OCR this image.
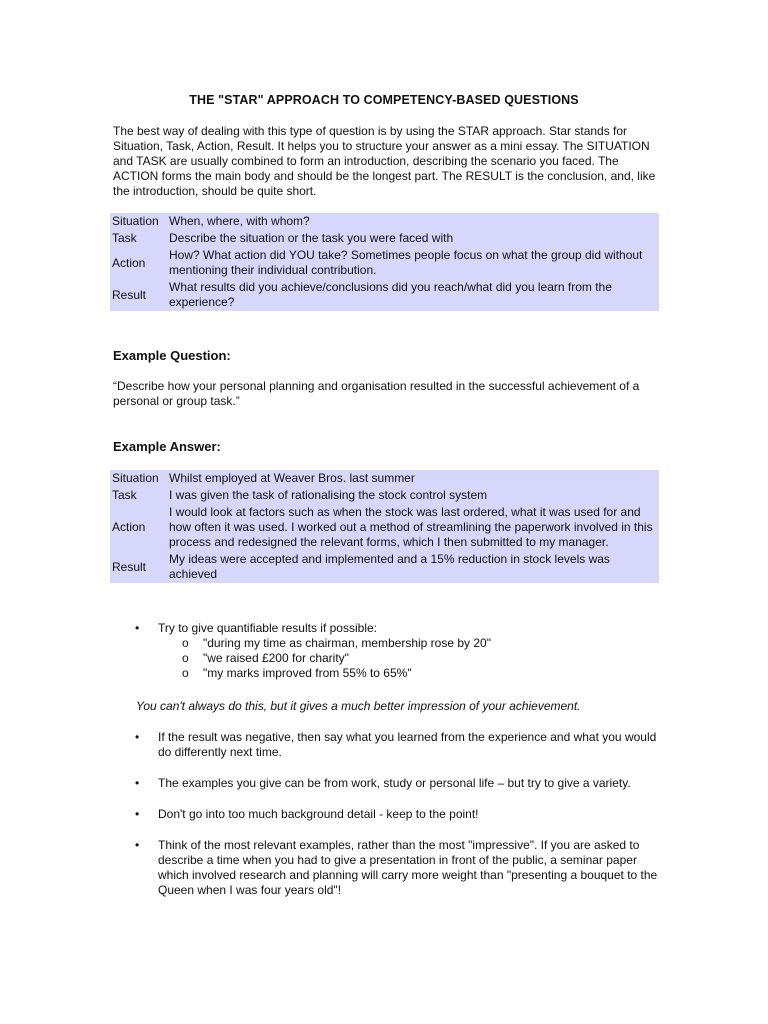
THE "STAR" APPROACH TO COMPETENCY-BASED QUESTIONS
The best way of dealing with this type of question is by using the STAR approach. Star stands for Situation, Task, Action, Result. It helps you to structure your answer as a mini essay. The SITUATION and TASK are usually combined to form an introduction, describing the scenario you faced. The ACTION forms the main body and should be the longest part. The RESULT is the conclusion, and, like the introduction, should be quite short.
Situation	When, where, with whom?
Task	Describe the situation or the task you were faced with
Action	How? What action did YOU take? Sometimes people focus on what the group did without mentioning their individual contribution.
Result	What results did you achieve/conclusions did you reach/what did you learn from the experience?
Example Question:
“Describe how your personal planning and organisation resulted in the successful achievement of a personal or group task.”
Example Answer:
Situation	Whilst employed at Weaver Bros. last summer
Task	I was given the task of rationalising the stock control system
Action	I would look at factors such as when the stock was last ordered, what it was used for and how often it was used. I worked out a method of streamlining the paperwork involved in this process and redesigned the relevant forms, which I then submitted to my manager.
Result	My ideas were accepted and implemented and a 15% reduction in stock levels was achieved
•	Try to give quantifiable results if possible:
o	"during my time as chairman, membership rose by 20"
o	"we raised £200 for charity"
o	"my marks improved from 55% to 65%"
You can't always do this, but it gives a much better impression of your achievement.
•	If the result was negative, then say what you learned from the experience and what you would do differently next time.
•	The examples you give can be from work, study or personal life – but try to give a variety.
•	Don't go into too much background detail - keep to the point!
•	Think of the most relevant examples, rather than the most "impressive". If you are asked to describe a time when you had to give a presentation in front of the public, a seminar paper which involved research and planning will carry more weight than "presenting a bouquet to the Queen when I was four years old"!
